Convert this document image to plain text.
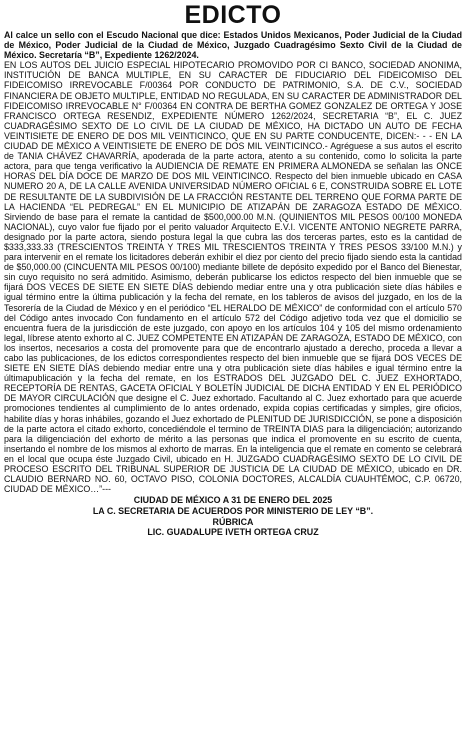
EDICTO

Al calce un sello con el Escudo Nacional que dice: Estados Unidos Mexicanos, Poder Judicial de la Ciudad de México, Poder Judicial de la Ciudad de México, Juzgado Cuadragésimo Sexto Civil de la Ciudad de México. Secretaría “B”, Expediente 1262/2024.

EN LOS AUTOS DEL JUICIO ESPECIAL HIPOTECARIO PROMOVIDO POR CI BANCO, SOCIEDAD ANONIMA, INSTITUCIÓN DE BANCA MULTIPLE, EN SU CARACTER DE FIDUCIARIO DEL FIDEICOMISO DEL FIDEICOMISO IRREVOCABLE F/00364 POR CONDUCTO DE PATRIMONIO, S.A. DE C.V., SOCIEDAD FINANCIERA DE OBJETO MULTIPLE, ENTIDAD NO REGULADA, EN SU CARACTER DE ADMINISTRADOR DEL FIDEICOMISO IRREVOCABLE N° F/00364 EN CONTRA DE BERTHA GOMEZ GONZALEZ DE ORTEGA Y JOSE FRANCISCO ORTEGA RESENDIZ, EXPEDIENTE NÚMERO 1262/2024, SECRETARIA “B”, EL C. JUEZ CUADRAGÉSIMO SEXTO DE LO CIVIL DE LA CIUDAD DE MÉXICO, HA DICTADO UN AUTO DE FECHA VEINTISIETE DE ENERO DE DOS MIL VEINTICINCO, QUE EN SU PARTE CONDUCENTE, DICEN:- - - EN LA CIUDAD DE MÉXICO A VEINTISIETE DE ENERO DE DOS MIL VEINTICINCO.- Agréguese a sus autos el escrito de TANIA CHÁVEZ CHAVARRÍA, apoderada de la parte actora, atento a su contenido, como lo solicita la parte actora, para que tenga verificativo la AUDIENCIA DE REMATE EN PRIMERA ALMONEDA se señalan las ONCE HORAS DEL DÍA DOCE DE MARZO DE DOS MIL VEINTICINCO. Respecto del bien inmueble ubicado en CASA NUMERO 20 A, DE LA CALLE AVENIDA UNIVERSIDAD NÚMERO OFICIAL 6 E, CONSTRUIDA SOBRE EL LOTE DE RESULTANTE DE LA SUBDIVISIÓN DE LA FRACCIÓN RESTANTE DEL TERRENO QUE FORMA PARTE DE LA HACIENDA “EL PEDREGAL” EN EL MUNICIPIO DE ATIZAPÁN DE ZARAGOZA ESTADO DE MÉXICO. Sirviendo de base para el remate la cantidad de $500,000.00 M.N. (QUINIENTOS MIL PESOS 00/100 MONEDA NACIONAL), cuyo valor fue fijado por el perito valuador Arquitecto E.V.I. VICENTE ANTONIO NEGRETE PARRA, designado por la parte actora, siendo postura legal la que cubra las dos terceras partes, esto es la cantidad de $333,333.33 (TRESCIENTOS TREINTA Y TRES MIL TRESCIENTOS TREINTA Y TRES PESOS 33/100 M.N.) y para intervenir en el remate los licitadores deberán exhibir el diez por ciento del precio fijado siendo esta la cantidad de $50,000.00 (CINCUENTA MIL PESOS 00/100) mediante billete de depósito expedido por el Banco del Bienestar, sin cuyo requisito no será admitido. Asimismo, deberán publicarse los edictos respecto del bien inmueble que se fijará DOS VECES DE SIETE EN SIETE DÍAS debiendo mediar entre una y otra publicación siete días hábiles e igual término entre la última publicación y la fecha del remate, en los tableros de avisos del juzgado, en los de la Tesorería de la Ciudad de México y en el periódico “EL HERALDO DE MÉXICO” de conformidad con el artículo 570 del Código antes invocado Con fundamento en el artículo 572 del Código adjetivo toda vez que el domicilio se encuentra fuera de la jurisdicción de este juzgado, con apoyo en los artículos 104 y 105 del mismo ordenamiento legal, líbrese atento exhorto al C. JUEZ COMPETENTE EN ATIZAPÁN DE ZARAGOZA, ESTADO DE MÉXICO, con los insertos, necesarios a costa del promovente para que de encontrarlo ajustado a derecho, proceda a llevar a cabo las publicaciones, de los edictos correspondientes respecto del bien inmueble que se fijará DOS VECES DE SIETE EN SIETE DÍAS debiendo mediar entre una y otra publicación siete días hábiles e igual término entre la últimapublicación y la fecha del remate, en los ESTRADOS DEL JUZGADO DEL C. JUEZ EXHORTADO, RECEPTORÍA DE RENTAS, GACETA OFICIAL Y BOLETÍN JUDICIAL DE DICHA ENTIDAD Y EN EL PERIÓDICO DE MAYOR CIRCULACIÓN que designe el C. Juez exhortado. Facultando al C. Juez exhortado para que acuerde promociones tendientes al cumplimiento de lo antes ordenado, expida copias certificadas y simples, gire oficios, habilite días y horas inhábiles, gozando el Juez exhortado de PLENITUD DE JURISDICCIÓN, se pone a disposición de la parte actora el citado exhorto, concediéndole el termino de TREINTA DIAS para la diligenciación; autorizando para la diligenciación del exhorto de mérito a las personas que indica el promovente en su escrito de cuenta, insertando el nombre de los mismos al exhorto de marras. En la inteligencia que el remate en comento se celebrará en el local que ocupa éste Juzgado Civil, ubicado en H. JUZGADO CUADRAGÉSIMO SEXTO DE LO CIVIL DE PROCESO ESCRITO DEL TRIBUNAL SUPERIOR DE JUSTICIA DE LA CIUDAD DE MÉXICO, ubicado en DR. CLAUDIO BERNARD NO. 60, OCTAVO PISO, COLONIA DOCTORES, ALCALDÍA CUAUHTÉMOC, C.P. 06720, CIUDAD DE MÉXICO…”---

CIUDAD DE MÉXICO A 31 DE ENERO DEL 2025
LA C. SECRETARIA DE ACUERDOS POR MINISTERIO DE LEY “B”.
RÚBRICA
LIC. GUADALUPE IVETH ORTEGA CRUZ
